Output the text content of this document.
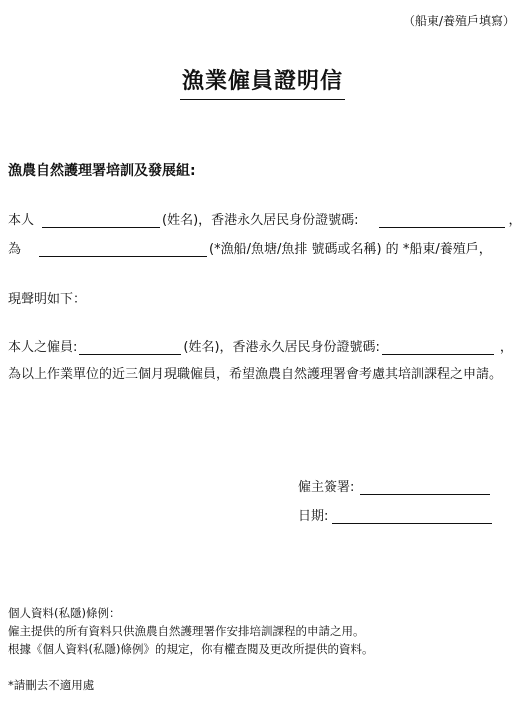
（船東/養殖戶填寫）
漁業僱員證明信
漁農自然護理署培訓及發展組:
本人	(姓名)，香港永久居民身份證號碼:	，
為	(*漁船/魚塘/魚排 號碼或名稱) 的 *船東/養殖戶，
現聲明如下：
本人之僱員:	(姓名)，香港永久居民身份證號碼:	，
為以上作業單位的近三個月現職僱員，希望漁農自然護理署會考慮其培訓課程之申請。
僱主簽署:
日期:
個人資料(私隱)條例：
僱主提供的所有資料只供漁農自然護理署作安排培訓課程的申請之用。
根據《個人資料(私隱)條例》的規定，你有權查閱及更改所提供的資料。
*請刪去不適用處
